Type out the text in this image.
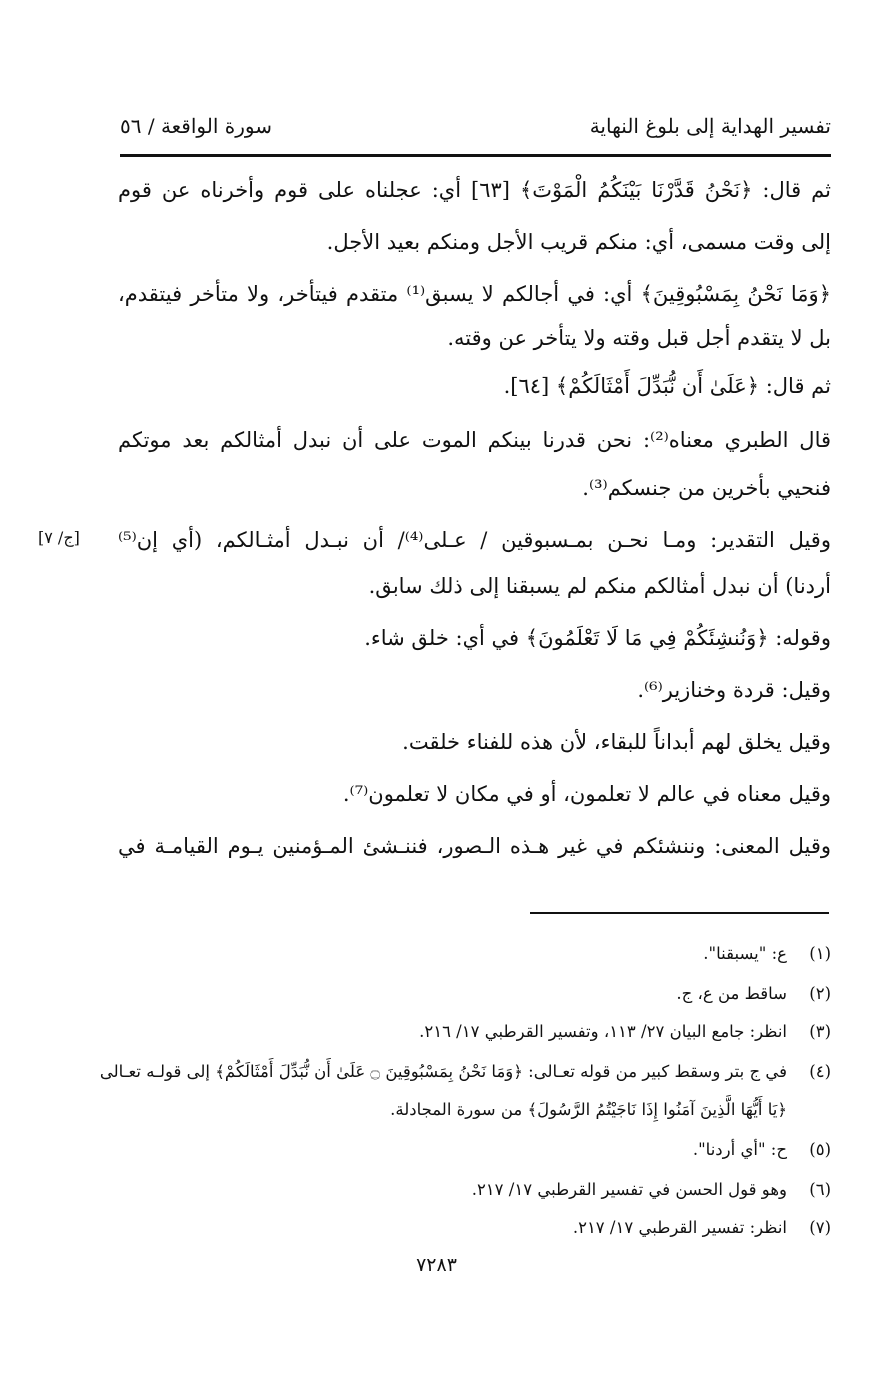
تفسير الهداية إلى بلوغ النهاية
سورة الواقعة / ٥٦
ثم قال: ﴿نَحْنُ قَدَّرْنَا بَيْنَكُمُ الْمَوْتَ﴾ [٦٣] أي: عجلناه على قوم وأخرناه عن قوم
إلى وقت مسمى، أي: منكم قريب الأجل ومنكم بعيد الأجل.
﴿وَمَا نَحْنُ بِمَسْبُوقِينَ﴾ أي: في أجالكم لا يسبق⁽¹⁾ متقدم فيتأخر، ولا متأخر فيتقدم،
بل لا يتقدم أجل قبل وقته ولا يتأخر عن وقته.
ثم قال: ﴿عَلَىٰ أَن نُّبَدِّلَ أَمْثَالَكُمْ﴾ [٦٤].
قال الطبري معناه⁽²⁾: نحن قدرنا بينكم الموت على أن نبدل أمثالكم بعد موتكم
فنحيي بأخرين من جنسكم⁽³⁾.
وقيل التقدير: ومـا نحـن بمـسبوقين / عـلى⁽⁴⁾/ أن نبـدل أمثـالكم، (أي إن⁽⁵⁾
أردنا) أن نبدل أمثالكم منكم لم يسبقنا إلى ذلك سابق.
وقوله: ﴿وَنُنشِئَكُمْ فِي مَا لَا تَعْلَمُونَ﴾ في أي: خلق شاء.
وقيل: قردة وخنازير⁽⁶⁾.
وقيل يخلق لهم أبداناً للبقاء، لأن هذه للفناء خلقت.
وقيل معناه في عالم لا تعلمون، أو في مكان لا تعلمون⁽⁷⁾.
وقيل المعنى: وننشئكم في غير هـذه الـصور، فننـشئ المـؤمنين يـوم القيامـة في
[ج/ ٧]
(١)ع: "يسبقنا".
(٢)ساقط من ع، ج.
(٣)انظر: جامع البيان ٢٧/ ١١٣، وتفسير القرطبي ١٧/ ٢١٦.
(٤)في ج بتر وسقط كبير من قوله تعـالى: ﴿وَمَا نَحْنُ بِمَسْبُوقِينَ ۝ عَلَىٰ أَن نُّبَدِّلَ أَمْثَالَكُمْ﴾ إلى قولـه تعـالى
﴿يَا أَيُّهَا الَّذِينَ آمَنُوا إِذَا نَاجَيْتُمُ الرَّسُولَ﴾ من سورة المجادلة.
(٥)ح: "أي أردنا".
(٦)وهو قول الحسن في تفسير القرطبي ١٧/ ٢١٧.
(٧)انظر: تفسير القرطبي ١٧/ ٢١٧.
٧٢٨٣
